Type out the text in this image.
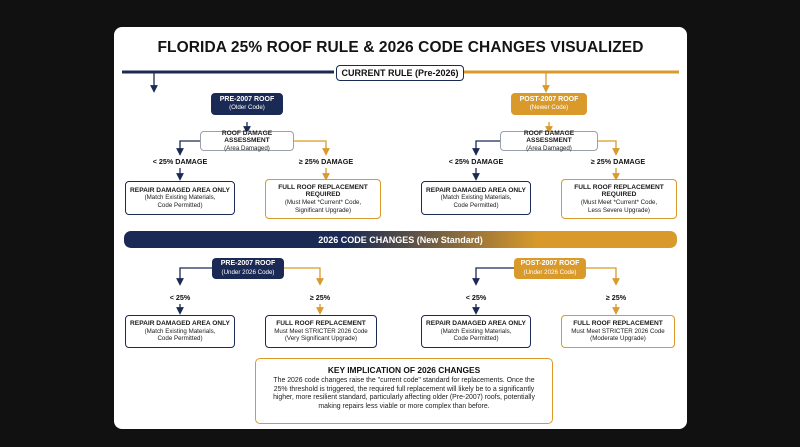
FLORIDA 25% ROOF RULE & 2026 CODE CHANGES VISUALIZED
CURRENT RULE (Pre-2026)
PRE-2007 ROOF
(Older Code)
POST-2007 ROOF
(Newer Code)
ROOF DAMAGE ASSESSMENT
(Area Damaged)
ROOF DAMAGE ASSESSMENT
(Area Damaged)
< 25% DAMAGE	≥ 25% DAMAGE	< 25% DAMAGE	≥ 25% DAMAGE
REPAIR DAMAGED AREA ONLY
(Match Existing Materials,
Code Permitted)
FULL ROOF REPLACEMENT
REQUIRED
(Must Meet *Current* Code,
Significant Upgrade)
REPAIR DAMAGED AREA ONLY
(Match Existing Materials,
Code Permitted)
FULL ROOF REPLACEMENT
REQUIRED
(Must Meet *Current* Code,
Less Severe Upgrade)
2026 CODE CHANGES (New Standard)
PRE-2007 ROOF
(Under 2026 Code)
POST-2007 ROOF
(Under 2026 Code)
< 25%	≥ 25%	< 25%	≥ 25%
REPAIR DAMAGED AREA ONLY
(Match Existing Materials,
Code Permitted)
FULL ROOF REPLACEMENT
Must Meet STRICTER 2026 Code
(Very Significant Upgrade)
REPAIR DAMAGED AREA ONLY
(Match Existing Materials,
Code Permitted)
FULL ROOF REPLACEMENT
Must Meet STRICTER 2026 Code
(Moderate Upgrade)
KEY IMPLICATION OF 2026 CHANGES
The 2026 code changes raise the "current code" standard for replacements. Once the 25% threshold is triggered, the required full replacement will likely be to a significantly higher, more resilient standard, particularly affecting older (Pre-2007) roofs, potentially making repairs less viable or more complex than before.
